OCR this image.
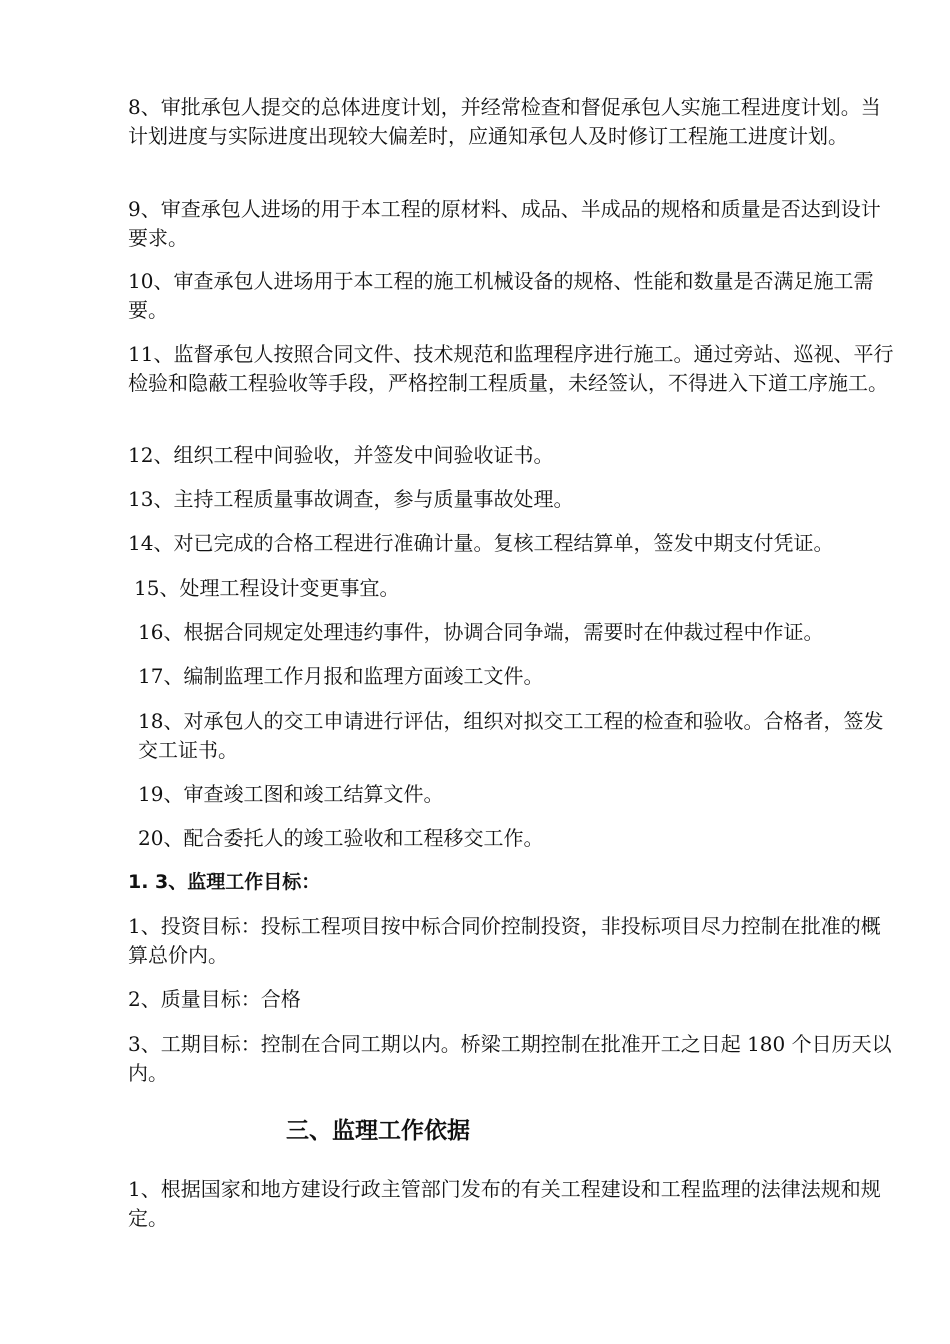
8、审批承包人提交的总体进度计划，并经常检查和督促承包人实施工程进度计划。当计划进度与实际进度出现较大偏差时，应通知承包人及时修订工程施工进度计划。

9、审查承包人进场的用于本工程的原材料、成品、半成品的规格和质量是否达到设计要求。

10、审查承包人进场用于本工程的施工机械设备的规格、性能和数量是否满足施工需要。

11、监督承包人按照合同文件、技术规范和监理程序进行施工。通过旁站、巡视、平行检验和隐蔽工程验收等手段，严格控制工程质量，未经签认，不得进入下道工序施工。

12、组织工程中间验收，并签发中间验收证书。

13、主持工程质量事故调查，参与质量事故处理。

14、对已完成的合格工程进行准确计量。复核工程结算单，签发中期支付凭证。

15、处理工程设计变更事宜。

16、根据合同规定处理违约事件，协调合同争端，需要时在仲裁过程中作证。

17、编制监理工作月报和监理方面竣工文件。

18、对承包人的交工申请进行评估，组织对拟交工工程的检查和验收。合格者，签发交工证书。

19、审查竣工图和竣工结算文件。

20、配合委托人的竣工验收和工程移交工作。

1. 3、监理工作目标：

1、投资目标：投标工程项目按中标合同价控制投资，非投标项目尽力控制在批准的概算总价内。

2、质量目标：合格

3、工期目标：控制在合同工期以内。桥梁工期控制在批准开工之日起 180 个日历天以内。

三、监理工作依据

1、根据国家和地方建设行政主管部门发布的有关工程建设和工程监理的法律法规和规定。
